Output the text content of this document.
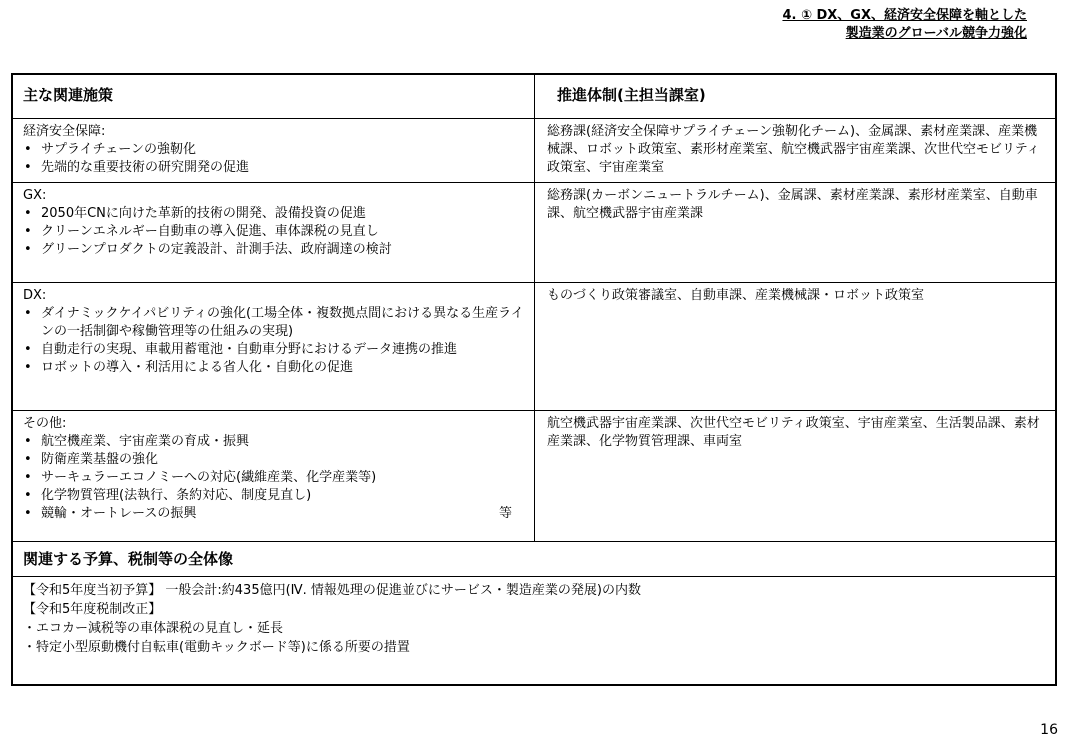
4. ① DX、GX、経済安全保障を軸とした
製造業のグローバル競争力強化
主な関連施策	推進体制(主担当課室)
経済安全保障:
• サプライチェーンの強靭化
• 先端的な重要技術の研究開発の促進
総務課(経済安全保障サプライチェーン強靭化チーム)、金属課、素材産業課、産業機械課、ロボット政策室、素形材産業室、航空機武器宇宙産業課、次世代空モビリティ政策室、宇宙産業室
GX:
• 2050年CNに向けた革新的技術の開発、設備投資の促進
• クリーンエネルギー自動車の導入促進、車体課税の見直し
• グリーンプロダクトの定義設計、計測手法、政府調達の検討
総務課(カーボンニュートラルチーム)、金属課、素材産業課、素形材産業室、自動車課、航空機武器宇宙産業課
DX:
• ダイナミックケイパビリティの強化(工場全体・複数拠点間における異なる生産ラインの一括制御や稼働管理等の仕組みの実現)
• 自動走行の実現、車載用蓄電池・自動車分野におけるデータ連携の推進
• ロボットの導入・利活用による省人化・自動化の促進
ものづくり政策審議室、自動車課、産業機械課・ロボット政策室
その他:
• 航空機産業、宇宙産業の育成・振興
• 防衛産業基盤の強化
• サーキュラーエコノミーへの対応(繊維産業、化学産業等)
• 化学物質管理(法執行、条約対応、制度見直し)
• 競輪・オートレースの振興	等
航空機武器宇宙産業課、次世代空モビリティ政策室、宇宙産業室、生活製品課、素材産業課、化学物質管理課、車両室
関連する予算、税制等の全体像
【令和5年度当初予算】 一般会計:約435億円(Ⅳ. 情報処理の促進並びにサービス・製造産業の発展)の内数
【令和5年度税制改正】
・エコカー減税等の車体課税の見直し・延長
・特定小型原動機付自転車(電動キックボード等)に係る所要の措置
16
